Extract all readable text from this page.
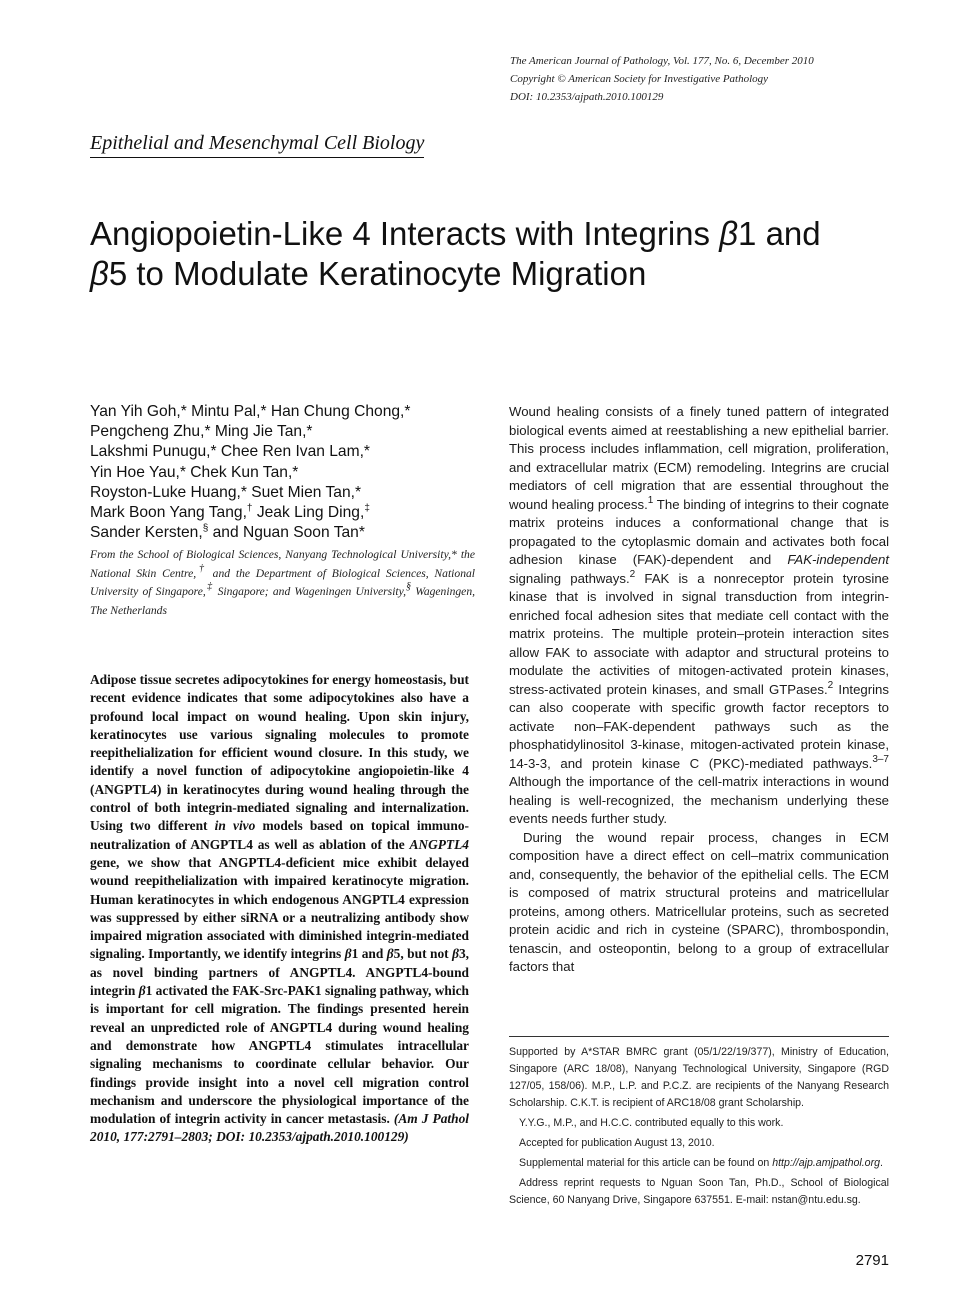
The American Journal of Pathology, Vol. 177, No. 6, December 2010
Copyright © American Society for Investigative Pathology
DOI: 10.2353/ajpath.2010.100129
Epithelial and Mesenchymal Cell Biology
Angiopoietin-Like 4 Interacts with Integrins β1 and
β5 to Modulate Keratinocyte Migration
Yan Yih Goh,* Mintu Pal,* Han Chung Chong,*
Pengcheng Zhu,* Ming Jie Tan,*
Lakshmi Punugu,* Chee Ren Ivan Lam,*
Yin Hoe Yau,* Chek Kun Tan,*
Royston-Luke Huang,* Suet Mien Tan,*
Mark Boon Yang Tang,† Jeak Ling Ding,‡
Sander Kersten,§ and Nguan Soon Tan*
From the School of Biological Sciences, Nanyang Technological University,* the National Skin Centre,† and the Department of Biological Sciences, National University of Singapore,‡ Singapore; and Wageningen University,§ Wageningen, The Netherlands

Adipose tissue secretes adipocytokines for energy homeostasis, but recent evidence indicates that some adipocytokines also have a profound local impact on wound healing. Upon skin injury, keratinocytes use various signaling molecules to promote reepithelialization for efficient wound closure. In this study, we identify a novel function of adipocytokine angiopoietin-like 4 (ANGPTL4) in keratinocytes during wound healing through the control of both integrin-mediated signaling and internalization. Using two different in vivo models based on topical immuno-neutralization of ANGPTL4 as well as ablation of the ANGPTL4 gene, we show that ANGPTL4-deficient mice exhibit delayed wound reepithelialization with impaired keratinocyte migration. Human keratinocytes in which endogenous ANGPTL4 expression was suppressed by either siRNA or a neutralizing antibody show impaired migration associated with diminished integrin-mediated signaling. Importantly, we identify integrins β1 and β5, but not β3, as novel binding partners of ANGPTL4. ANGPTL4-bound integrin β1 activated the FAK-Src-PAK1 signaling pathway, which is important for cell migration. The findings presented herein reveal an unpredicted role of ANGPTL4 during wound healing and demonstrate how ANGPTL4 stimulates intracellular signaling mechanisms to coordinate cellular behavior. Our findings provide insight into a novel cell migration control mechanism and underscore the physiological importance of the modulation of integrin activity in cancer metastasis. (Am J Pathol 2010, 177:2791–2803; DOI: 10.2353/ajpath.2010.100129)

Wound healing consists of a finely tuned pattern of integrated biological events aimed at reestablishing a new epithelial barrier. This process includes inflammation, cell migration, proliferation, and extracellular matrix (ECM) remodeling. Integrins are crucial mediators of cell migration that are essential throughout the wound healing process.$^1$ The binding of integrins to their cognate matrix proteins induces a conformational change that is propagated to the cytoplasmic domain and activates both focal adhesion kinase (FAK)-dependent and FAK-independent signaling pathways.$^2$ FAK is a nonreceptor protein tyrosine kinase that is involved in signal transduction from integrin-enriched focal adhesion sites that mediate cell contact with the matrix proteins. The multiple protein–protein interaction sites allow FAK to associate with adaptor and structural proteins to modulate the activities of mitogen-activated protein kinases, stress-activated protein kinases, and small GTPases.$^2$ Integrins can also cooperate with specific growth factor receptors to activate non–FAK-dependent pathways such as the phosphatidylinositol 3-kinase, mitogen-activated protein kinase, 14-3-3, and protein kinase C (PKC)-mediated pathways.$^{3-7}$ Although the importance of the cell-matrix interactions in wound healing is well-recognized, the mechanism underlying these events needs further study.

During the wound repair process, changes in ECM composition have a direct effect on cell–matrix communication and, consequently, the behavior of the epithelial cells. The ECM is composed of matrix structural proteins and matricellular proteins, among others. Matricellular proteins, such as secreted protein acidic and rich in cysteine (SPARC), thrombospondin, tenascin, and osteopontin, belong to a group of extracellular factors that

Supported by A*STAR BMRC grant (05/1/22/19/377), Ministry of Education, Singapore (ARC 18/08), Nanyang Technological University, Singapore (RGD 127/05, 158/06). M.P., L.P. and P.C.Z. are recipients of the Nanyang Research Scholarship. C.K.T. is recipient of ARC18/08 grant Scholarship.

Y.Y.G., M.P., and H.C.C. contributed equally to this work.

Accepted for publication August 13, 2010.

Supplemental material for this article can be found on http://ajp.amjpathol.org.

Address reprint requests to Nguan Soon Tan, Ph.D., School of Biological Science, 60 Nanyang Drive, Singapore 637551. E-mail: nstan@ntu.edu.sg.

2791
